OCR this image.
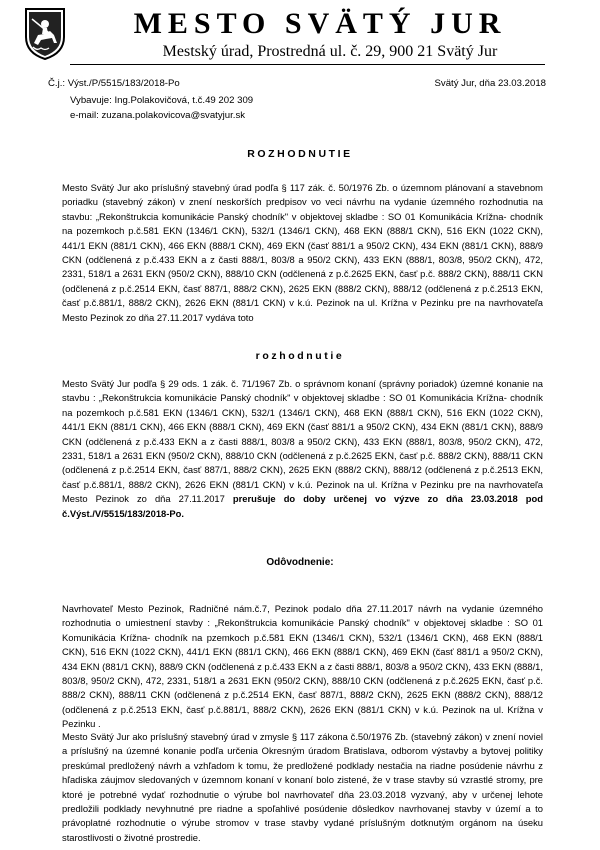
MESTO SVÄTÝ JUR
Mestský úrad, Prostredná ul. č. 29, 900 21 Svätý Jur
Č.j.: Výst./P/5515/183/2018-Po	Svätý Jur, dňa 23.03.2018
Vybavuje: Ing.Polakovičová, t.č.49 202 309
e-mail: zuzana.polakovicova@svatyjur.sk
ROZHODNUTIE
Mesto Svätý Jur ako príslušný stavebný úrad podľa § 117 zák. č. 50/1976 Zb. o územnom plánovaní a stavebnom poriadku (stavebný zákon) v znení neskorších predpisov vo veci návrhu na vydanie územného rozhodnutia na stavbu: „Rekonštrukcia komunikácie Panský chodník" v objektovej skladbe : SO 01 Komunikácia Krížna- chodník na pozemkoch p.č.581 EKN (1346/1 CKN), 532/1 (1346/1 CKN), 468 EKN (888/1 CKN), 516 EKN (1022 CKN), 441/1 EKN (881/1 CKN), 466 EKN (888/1 CKN), 469 EKN (časť 881/1 a 950/2 CKN), 434 EKN (881/1 CKN), 888/9 CKN (odčlenená z p.č.433 EKN a z časti 888/1, 803/8 a 950/2 CKN), 433 EKN (888/1, 803/8, 950/2 CKN), 472, 2331, 518/1 a 2631 EKN (950/2 CKN), 888/10 CKN (odčlenená z p.č.2625 EKN, časť p.č. 888/2 CKN), 888/11 CKN (odčlenená z p.č.2514 EKN, časť 887/1, 888/2 CKN), 2625 EKN (888/2 CKN), 888/12 (odčlenená z p.č.2513 EKN, časť p.č.881/1, 888/2 CKN), 2626 EKN (881/1 CKN) v k.ú. Pezinok na ul. Krížna v Pezinku pre na navrhovateľa Mesto Pezinok zo dňa 27.11.2017 vydáva toto
rozhodnutie
Mesto Svätý Jur podľa § 29 ods. 1 zák. č. 71/1967 Zb. o správnom konaní (správny poriadok) územné konanie na stavbu : „Rekonštrukcia komunikácie Panský chodník" v objektovej skladbe : SO 01 Komunikácia Krížna- chodník na pozemkoch p.č.581 EKN (1346/1 CKN), 532/1 (1346/1 CKN), 468 EKN (888/1 CKN), 516 EKN (1022 CKN), 441/1 EKN (881/1 CKN), 466 EKN (888/1 CKN), 469 EKN (časť 881/1 a 950/2 CKN), 434 EKN (881/1 CKN), 888/9 CKN (odčlenená z p.č.433 EKN a z časti 888/1, 803/8 a 950/2 CKN), 433 EKN (888/1, 803/8, 950/2 CKN), 472, 2331, 518/1 a 2631 EKN (950/2 CKN), 888/10 CKN (odčlenená z p.č.2625 EKN, časť p.č. 888/2 CKN), 888/11 CKN (odčlenená z p.č.2514 EKN, časť 887/1, 888/2 CKN), 2625 EKN (888/2 CKN), 888/12 (odčlenená z p.č.2513 EKN, časť p.č.881/1, 888/2 CKN), 2626 EKN (881/1 CKN) v k.ú. Pezinok na ul. Krížna v Pezinku pre na navrhovateľa Mesto Pezinok zo dňa 27.11.2017 prerušuje do doby určenej vo výzve zo dňa 23.03.2018 pod č.Výst./V/5515/183/2018-Po.
Odôvodnenie:
Navrhovateľ Mesto Pezinok, Radničné nám.č.7, Pezinok podalo dňa 27.11.2017 návrh na vydanie územného rozhodnutia o umiestnení stavby : „Rekonštrukcia komunikácie Panský chodník" v objektovej skladbe : SO 01 Komunikácia Krížna- chodník na pzemkoch p.č.581 EKN (1346/1 CKN), 532/1 (1346/1 CKN), 468 EKN (888/1 CKN), 516 EKN (1022 CKN), 441/1 EKN (881/1 CKN), 466 EKN (888/1 CKN), 469 EKN (časť 881/1 a 950/2 CKN), 434 EKN (881/1 CKN), 888/9 CKN (odčlenená z p.č.433 EKN a z časti 888/1, 803/8 a 950/2 CKN), 433 EKN (888/1, 803/8, 950/2 CKN), 472, 2331, 518/1 a 2631 EKN (950/2 CKN), 888/10 CKN (odčlenená z p.č.2625 EKN, časť p.č. 888/2 CKN), 888/11 CKN (odčlenená z p.č.2514 EKN, časť 887/1, 888/2 CKN), 2625 EKN (888/2 CKN), 888/12 (odčlenená z p.č.2513 EKN, časť p.č.881/1, 888/2 CKN), 2626 EKN (881/1 CKN) v k.ú. Pezinok na ul. Krížna v Pezinku .
Mesto Svätý Jur ako príslušný stavebný úrad v zmysle § 117 zákona č.50/1976 Zb. (stavebný zákon) v znení noviel a príslušný na územné konanie podľa určenia Okresným úradom Bratislava, odborom výstavby a bytovej politiky preskúmal predložený návrh a vzhľadom k tomu, že predložené podklady nestačia na riadne posúdenie návrhu z hľadiska záujmov sledovaných v územnom konaní v konaní bolo zistené, že v trase stavby sú vzrastlé stromy, pre ktoré je potrebné vydať rozhodnutie o výrube bol navrhovateľ dňa 23.03.2018 vyzvaný, aby v určenej lehote predložili podklady nevyhnutné pre riadne a spoľahlivé posúdenie dôsledkov navrhovanej stavby v území a to právoplatné rozhodnutie o výrube stromov v trase stavby vydané príslušným dotknutým orgánom na úseku starostlivosti o životné prostredie.
